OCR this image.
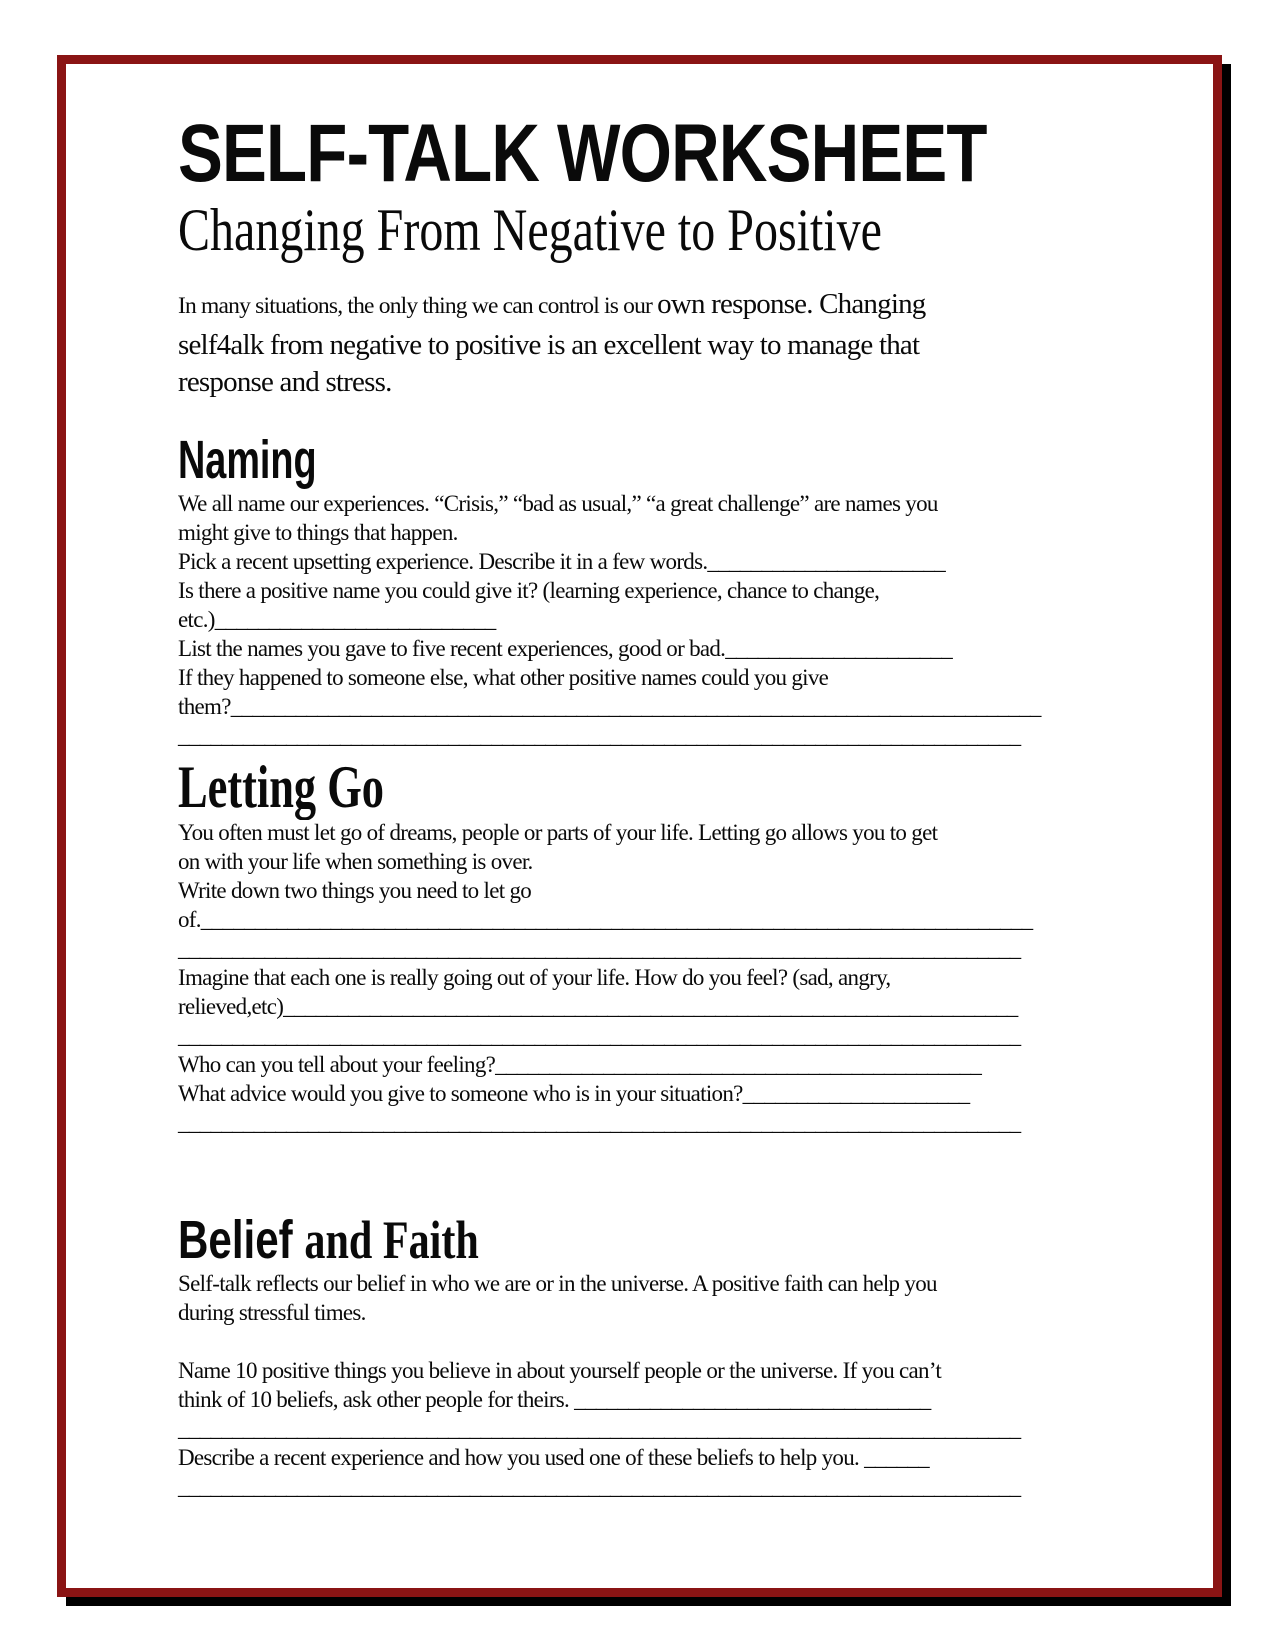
SELF-TALK WORKSHEET
Changing From Negative to Positive
In many situations, the only thing we can control is our own response. Changing
self4alk from negative to positive is an excellent way to manage that
response and stress.
Naming
We all name our experiences. “Crisis,” “bad as usual,” “a great challenge” are names you
might give to things that happen.
Pick a recent upsetting experience. Describe it in a few words.______________________
Is there a positive name you could give it? (learning experience, chance to change,
etc.)__________________________
List the names you gave to five recent experiences, good or bad._____________________
If they happened to someone else, what other positive names could you give
them?___________________________________________________________________________
______________________________________________________________________________
Letting Go
You often must let go of dreams, people or parts of your life. Letting go allows you to get
on with your life when something is over.
Write down two things you need to let go
of._____________________________________________________________________________
______________________________________________________________________________
Imagine that each one is really going out of your life. How do you feel? (sad, angry,
relieved,etc)____________________________________________________________________
______________________________________________________________________________
Who can you tell about your feeling?_____________________________________________
What advice would you give to someone who is in your situation?_____________________
______________________________________________________________________________
Belief and Faith
Self-talk reflects our belief in who we are or in the universe. A positive faith can help you
during stressful times.

Name 10 positive things you believe in about yourself people or the universe. If you can’t
think of 10 beliefs, ask other people for theirs. _________________________________
______________________________________________________________________________
Describe a recent experience and how you used one of these beliefs to help you. ______
______________________________________________________________________________
